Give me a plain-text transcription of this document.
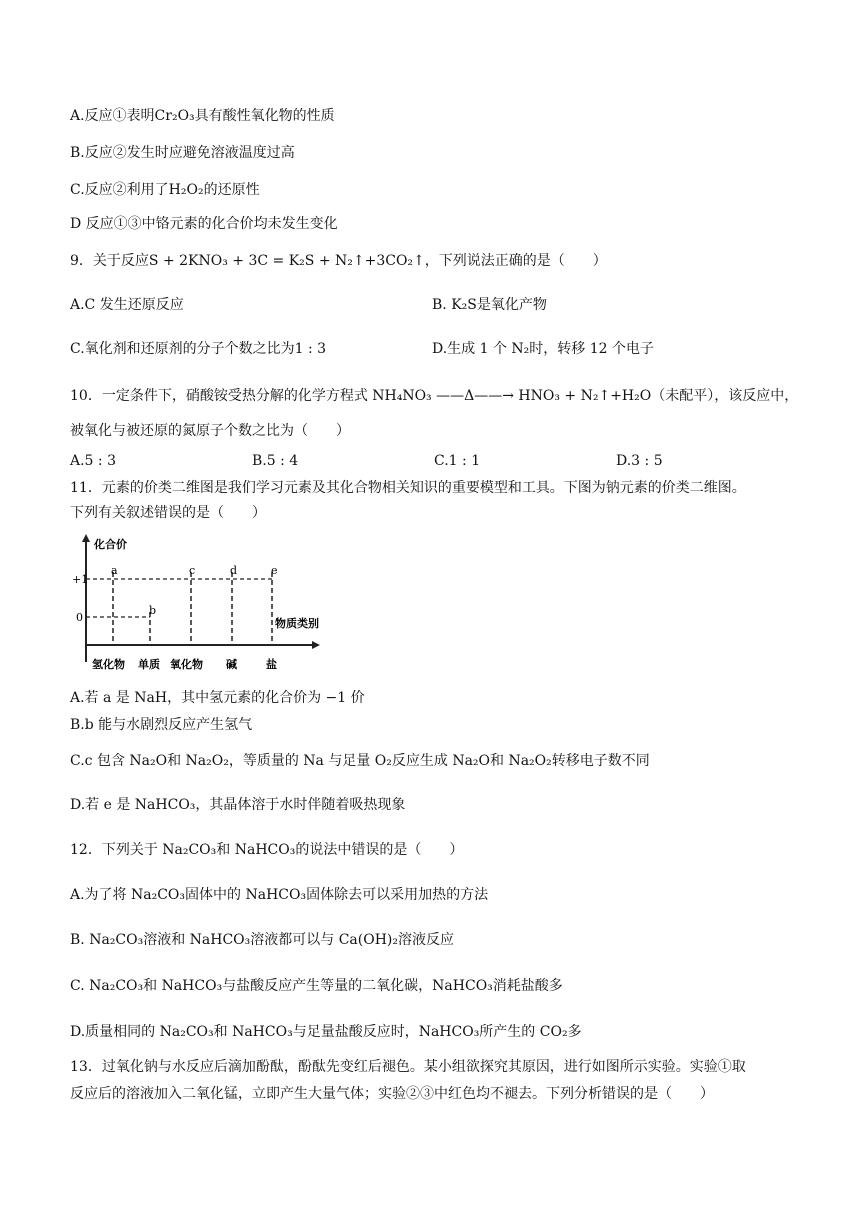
A.反应①表明Cr₂O₃具有酸性氧化物的性质
B.反应②发生时应避免溶液温度过高
C.反应②利用了H₂O₂的还原性
D 反应①③中铬元素的化合价均未发生变化
9．关于反应S + 2KNO₃ + 3C = K₂S + N₂↑+3CO₂↑，下列说法正确的是（　　）
A.C 发生还原反应	B. K₂S是氧化产物
C.氧化剂和还原剂的分子个数之比为1 : 3	D.生成 1 个 N₂时，转移 12 个电子
10．一定条件下，硝酸铵受热分解的化学方程式 NH₄NO₃ ——Δ——→ HNO₃ + N₂↑+H₂O（未配平），该反应中，
被氧化与被还原的氮原子个数之比为（　　）
A.5 : 3	B.5 : 4	C.1 : 1	D.3 : 5
11．元素的价类二维图是我们学习元素及其化合物相关知识的重要模型和工具。下图为钠元素的价类二维图。
下列有关叙述错误的是（　　）
化合价
物质类别
+1
0
a
b
c	d	e
氢化物 单质 氧化物 碱	盐
A.若 a 是 NaH，其中氢元素的化合价为 −1 价
B.b 能与水剧烈反应产生氢气
C.c 包含 Na₂O和 Na₂O₂，等质量的 Na 与足量 O₂反应生成 Na₂O和 Na₂O₂转移电子数不同
D.若 e 是 NaHCO₃，其晶体溶于水时伴随着吸热现象
12．下列关于 Na₂CO₃和 NaHCO₃的说法中错误的是（　　）
A.为了将 Na₂CO₃固体中的 NaHCO₃固体除去可以采用加热的方法
B. Na₂CO₃溶液和 NaHCO₃溶液都可以与 Ca(OH)₂溶液反应
C. Na₂CO₃和 NaHCO₃与盐酸反应产生等量的二氧化碳，NaHCO₃消耗盐酸多
D.质量相同的 Na₂CO₃和 NaHCO₃与足量盐酸反应时，NaHCO₃所产生的 CO₂多
13．过氧化钠与水反应后滴加酚酞，酚酞先变红后褪色。某小组欲探究其原因，进行如图所示实验。实验①取
反应后的溶液加入二氧化锰，立即产生大量气体；实验②③中红色均不褪去。下列分析错误的是（　　）
